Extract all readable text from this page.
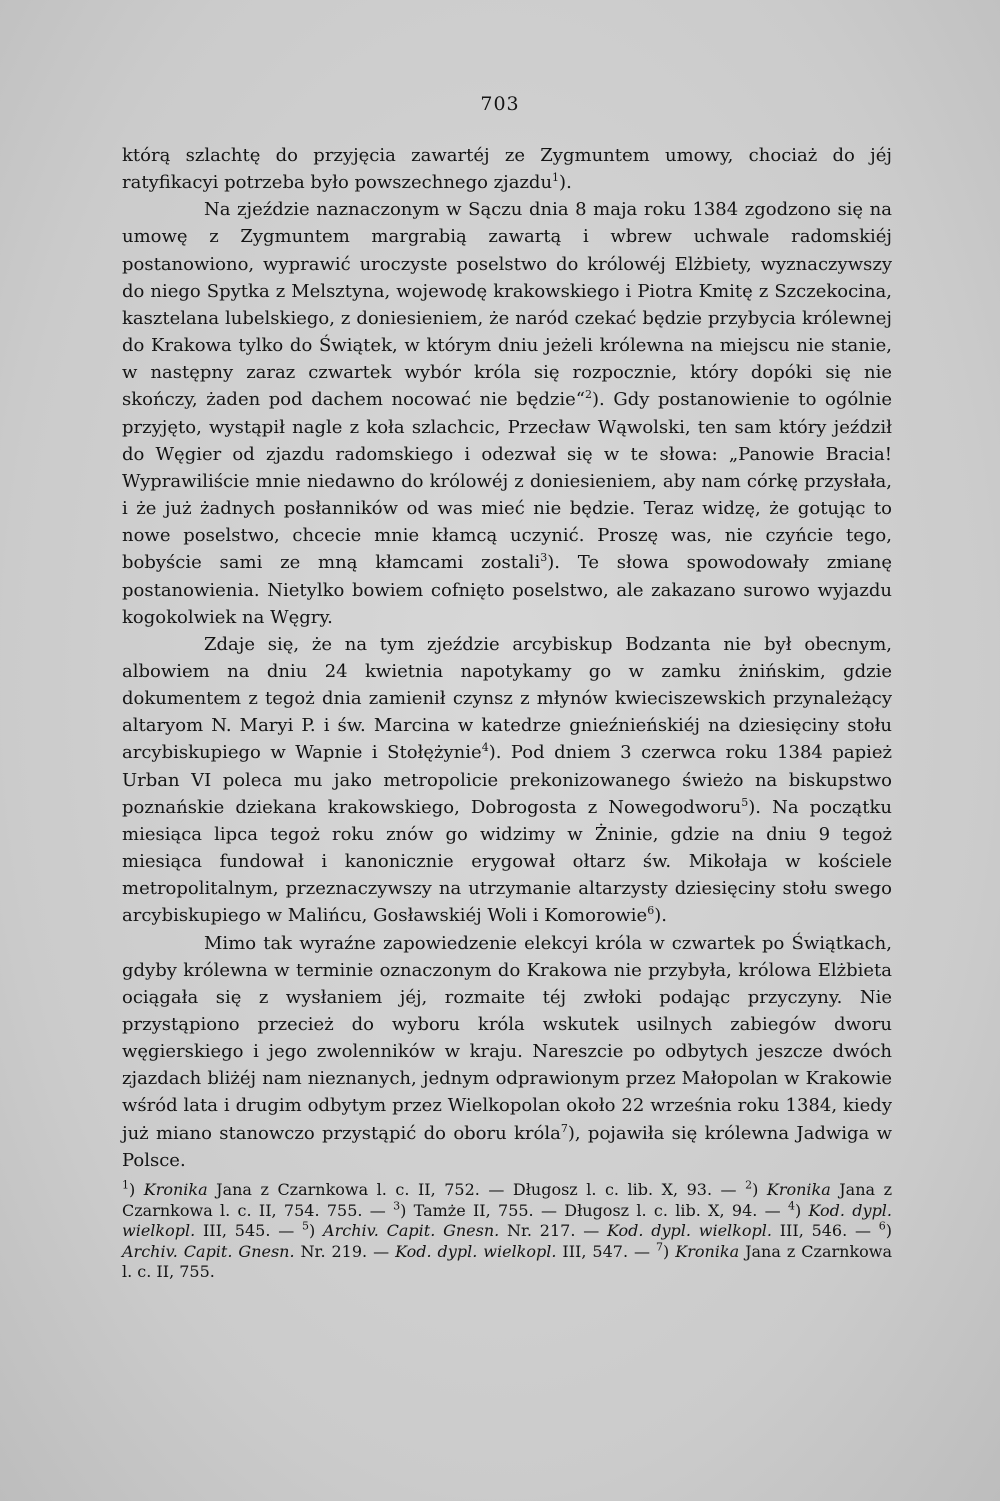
703

którą szlachtę do przyjęcia zawartéj ze Zygmuntem umowy, chociaż do jéj ratyfikacyi potrzeba było powszechnego zjazdu$^1$).

Na zjeździe naznaczonym w Sączu dnia 8 maja roku 1384 zgodzono się na umowę z Zygmuntem margrabią zawartą i wbrew uchwale radomskiéj postanowiono, wyprawić uroczyste poselstwo do królowéj Elżbiety, wyznaczywszy do niego Spytka z Melsztyna, wojewodę krakowskiego i Piotra Kmitę z Szczekocina, kasztelana lubelskiego, z doniesieniem, że naród czekać będzie przybycia królewnej do Krakowa tylko do Świątek, w którym dniu jeżeli królewna na miejscu nie stanie, w następny zaraz czwartek wybór króla się rozpocznie, który dopóki się nie skończy, żaden pod dachem nocować nie będzie“$^2$). Gdy postanowienie to ogólnie przyjęto, wystąpił nagle z koła szlachcic, Przecław Wąwolski, ten sam który jeździł do Węgier od zjazdu radomskiego i odezwał się w te słowa: „Panowie Bracia! Wyprawiliście mnie niedawno do królowéj z doniesieniem, aby nam córkę przysłała, i że już żadnych posłanników od was mieć nie będzie. Teraz widzę, że gotując to nowe poselstwo, chcecie mnie kłamcą uczynić. Proszę was, nie czyńcie tego, bobyście sami ze mną kłamcami zostali$^3$). Te słowa spowodowały zmianę postanowienia. Nietylko bowiem cofnięto poselstwo, ale zakazano surowo wyjazdu kogokolwiek na Węgry.

Zdaje się, że na tym zjeździe arcybiskup Bodzanta nie był obecnym, albowiem na dniu 24 kwietnia napotykamy go w zamku żnińskim, gdzie dokumentem z tegoż dnia zamienił czynsz z młynów kwieciszewskich przynależący altaryom N. Maryi P. i św. Marcina w katedrze gnieźnieńskiéj na dziesięciny stołu arcybiskupiego w Wapnie i Stołężynie$^4$). Pod dniem 3 czerwca roku 1384 papież Urban VI poleca mu jako metropolicie prekonizowanego świeżo na biskupstwo poznańskie dziekana krakowskiego, Dobrogosta z Nowegodworu$^5$). Na początku miesiąca lipca tegoż roku znów go widzimy w Żninie, gdzie na dniu 9 tegoż miesiąca fundował i kanonicznie erygował ołtarz św. Mikołaja w kościele metropolitalnym, przeznaczywszy na utrzymanie altarzysty dziesięciny stołu swego arcybiskupiego w Malińcu, Gosławskiéj Woli i Komorowie$^6$).

Mimo tak wyraźne zapowiedzenie elekcyi króla w czwartek po Świątkach, gdyby królewna w terminie oznaczonym do Krakowa nie przybyła, królowa Elżbieta ociągała się z wysłaniem jéj, rozmaite téj zwłoki podając przyczyny. Nie przystąpiono przecież do wyboru króla wskutek usilnych zabiegów dworu węgierskiego i jego zwolenników w kraju. Nareszcie po odbytych jeszcze dwóch zjazdach bliżéj nam nieznanych, jednym odprawionym przez Małopolan w Krakowie wśród lata i drugim odbytym przez Wielkopolan około 22 września roku 1384, kiedy już miano stanowczo przystąpić do oboru króla$^7$), pojawiła się królewna Jadwiga w Polsce.

$^1$) Kronika Jana z Czarnkowa l. c. II, 752. — Długosz l. c. lib. X, 93. — $^2$) Kronika Jana z Czarnkowa l. c. II, 754. 755. — $^3$) Tamże II, 755. — Długosz l. c. lib. X, 94. — $^4$) Kod. dypl. wielkopl. III, 545. — $^5$) Archiv. Capit. Gnesn. Nr. 217. — Kod. dypl. wielkopl. III, 546. — $^6$) Archiv. Capit. Gnesn. Nr. 219. — Kod. dypl. wielkopl. III, 547. — $^7$) Kronika Jana z Czarnkowa l. c. II, 755.
